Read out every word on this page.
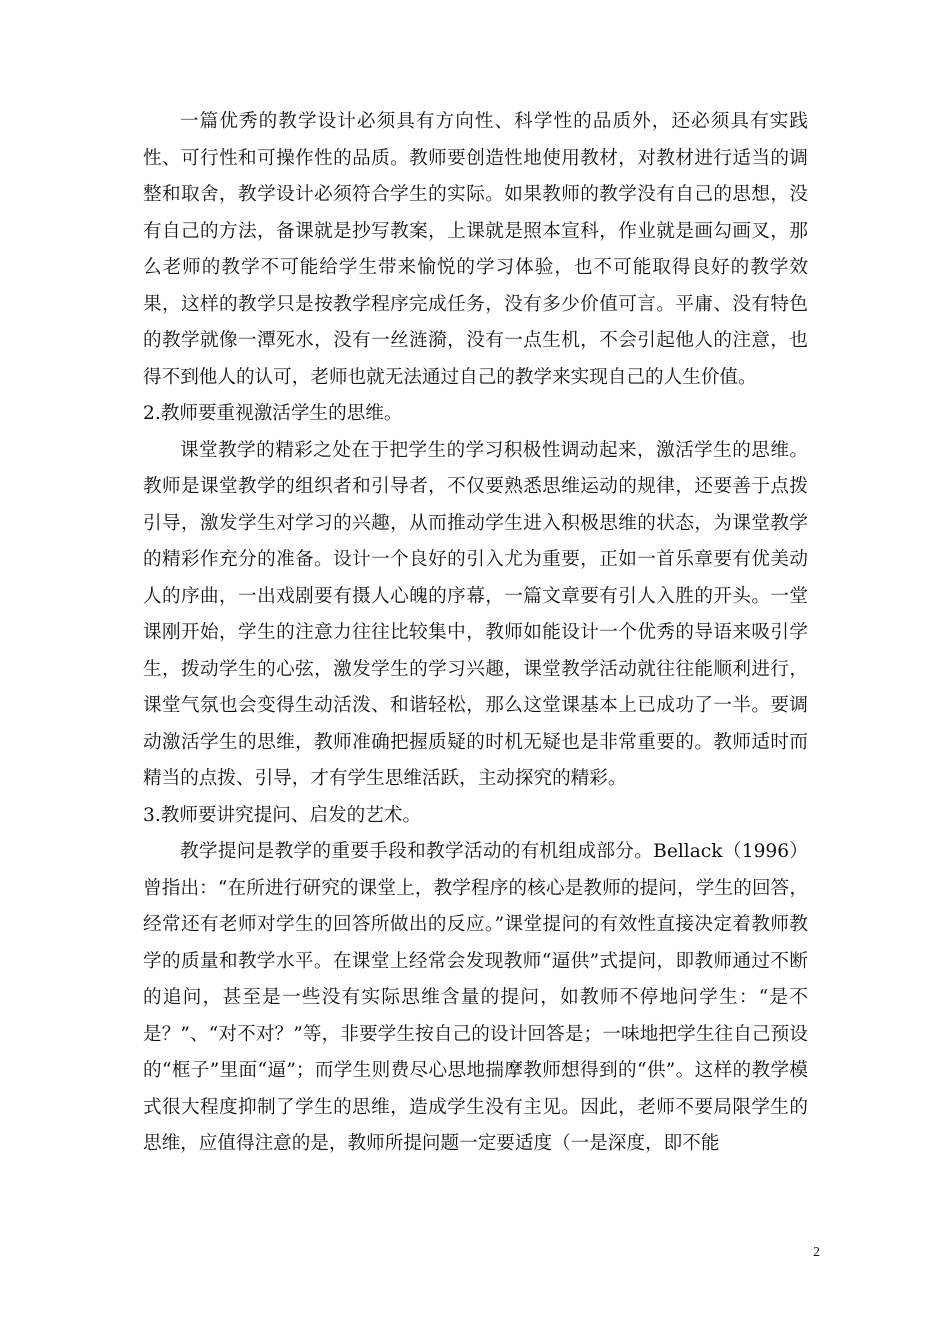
一篇优秀的教学设计必须具有方向性、科学性的品质外，还必须具有实践性、可行性和可操作性的品质。教师要创造性地使用教材，对教材进行适当的调整和取舍，教学设计必须符合学生的实际。如果教师的教学没有自己的思想，没有自己的方法，备课就是抄写教案，上课就是照本宣科，作业就是画勾画叉，那么老师的教学不可能给学生带来愉悦的学习体验，也不可能取得良好的教学效果，这样的教学只是按教学程序完成任务，没有多少价值可言。平庸、没有特色的教学就像一潭死水，没有一丝涟漪，没有一点生机，不会引起他人的注意，也得不到他人的认可，老师也就无法通过自己的教学来实现自己的人生价值。

2.教师要重视激活学生的思维。

课堂教学的精彩之处在于把学生的学习积极性调动起来，激活学生的思维。教师是课堂教学的组织者和引导者，不仅要熟悉思维运动的规律，还要善于点拨引导，激发学生对学习的兴趣，从而推动学生进入积极思维的状态，为课堂教学的精彩作充分的准备。设计一个良好的引入尤为重要，正如一首乐章要有优美动人的序曲，一出戏剧要有摄人心魄的序幕，一篇文章要有引人入胜的开头。一堂课刚开始，学生的注意力往往比较集中，教师如能设计一个优秀的导语来吸引学生，拨动学生的心弦，激发学生的学习兴趣，课堂教学活动就往往能顺利进行，课堂气氛也会变得生动活泼、和谐轻松，那么这堂课基本上已成功了一半。要调动激活学生的思维，教师准确把握质疑的时机无疑也是非常重要的。教师适时而精当的点拨、引导，才有学生思维活跃，主动探究的精彩。

3.教师要讲究提问、启发的艺术。

教学提问是教学的重要手段和教学活动的有机组成部分。Bellack（1996）曾指出：“在所进行研究的课堂上，教学程序的核心是教师的提问，学生的回答，经常还有老师对学生的回答所做出的反应。”课堂提问的有效性直接决定着教师教学的质量和教学水平。在课堂上经常会发现教师“逼供”式提问，即教师通过不断的追问，甚至是一些没有实际思维含量的提问，如教师不停地问学生：“是不是？”、“对不对？”等，非要学生按自己的设计回答是；一味地把学生往自己预设的“框子”里面“逼”；而学生则费尽心思地揣摩教师想得到的“供”。这样的教学模式很大程度抑制了学生的思维，造成学生没有主见。因此，老师不要局限学生的思维，应值得注意的是，教师所提问题一定要适度（一是深度，即不能

2
